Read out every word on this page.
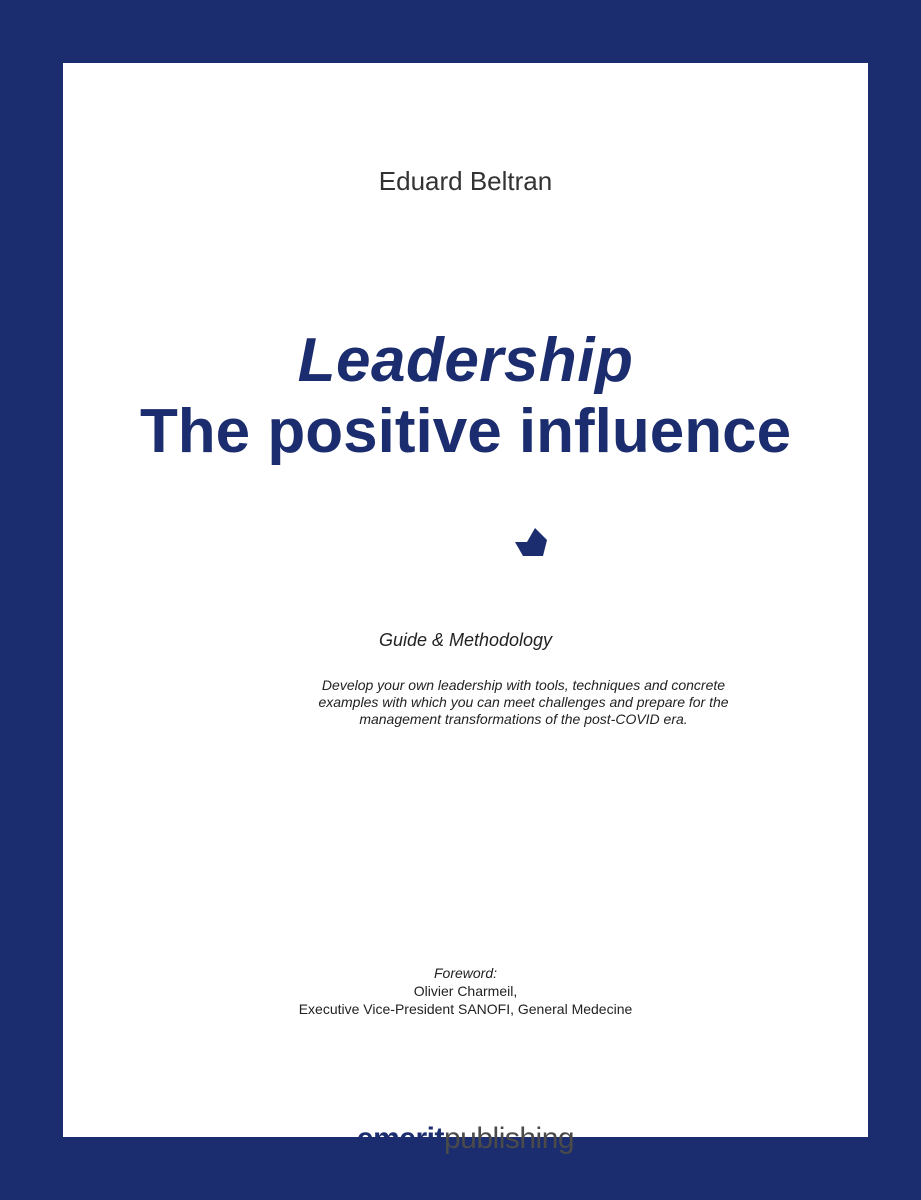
Eduard Beltran
Leadership
The positive influence
Guide & Methodology
Develop your own leadership with tools, techniques and concrete examples with which you can meet challenges and prepare for the management transformations of the post-COVID era.
Foreword:
Olivier Charmeil,
Executive Vice-President SANOFI, General Medecine
emeritpublishing
